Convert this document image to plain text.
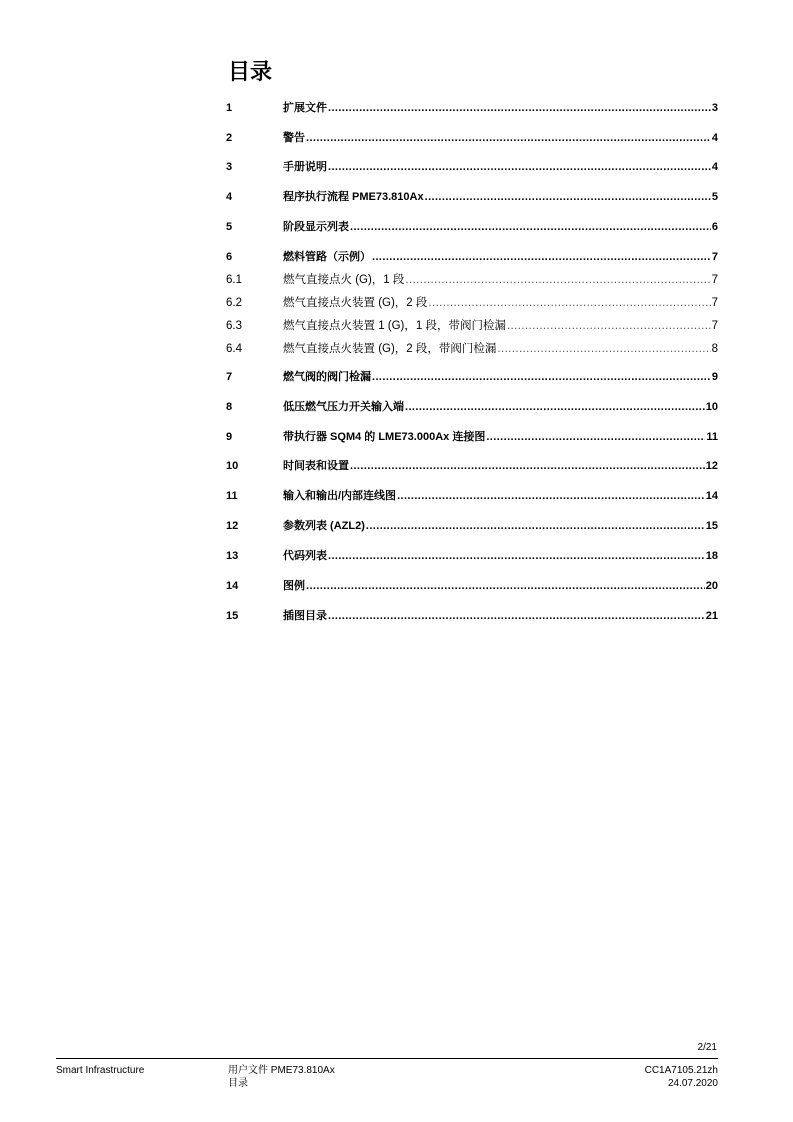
目录
1	扩展文件 .....	3
2	警告 .....	4
3	手册说明 .....	4
4	程序执行流程 PME73.810Ax .....	5
5	阶段显示列表 .....	6
6	燃料管路（示例） .....	7
6.1	燃气直接点火 (G)，1 段 .....	7
6.2	燃气直接点火装置 (G)，2 段 .....	7
6.3	燃气直接点火装置 1 (G)，1 段，带阀门检漏 .....	7
6.4	燃气直接点火装置 (G)，2 段，带阀门检漏 .....	8
7	燃气阀的阀门检漏 .....	9
8	低压燃气压力开关输入端 .....	10
9	带执行器 SQM4 的 LME73.000Ax 连接图 .....	11
10	时间表和设置 .....	12
11	输入和输出/内部连线图 .....	14
12	参数列表 (AZL2) .....	15
13	代码列表 .....	18
14	图例 .....	20
15	插图目录 .....	21
2/21
Smart Infrastructure	用户文件 PME73.810Ax
目录
CC1A7105.21zh
24.07.2020
